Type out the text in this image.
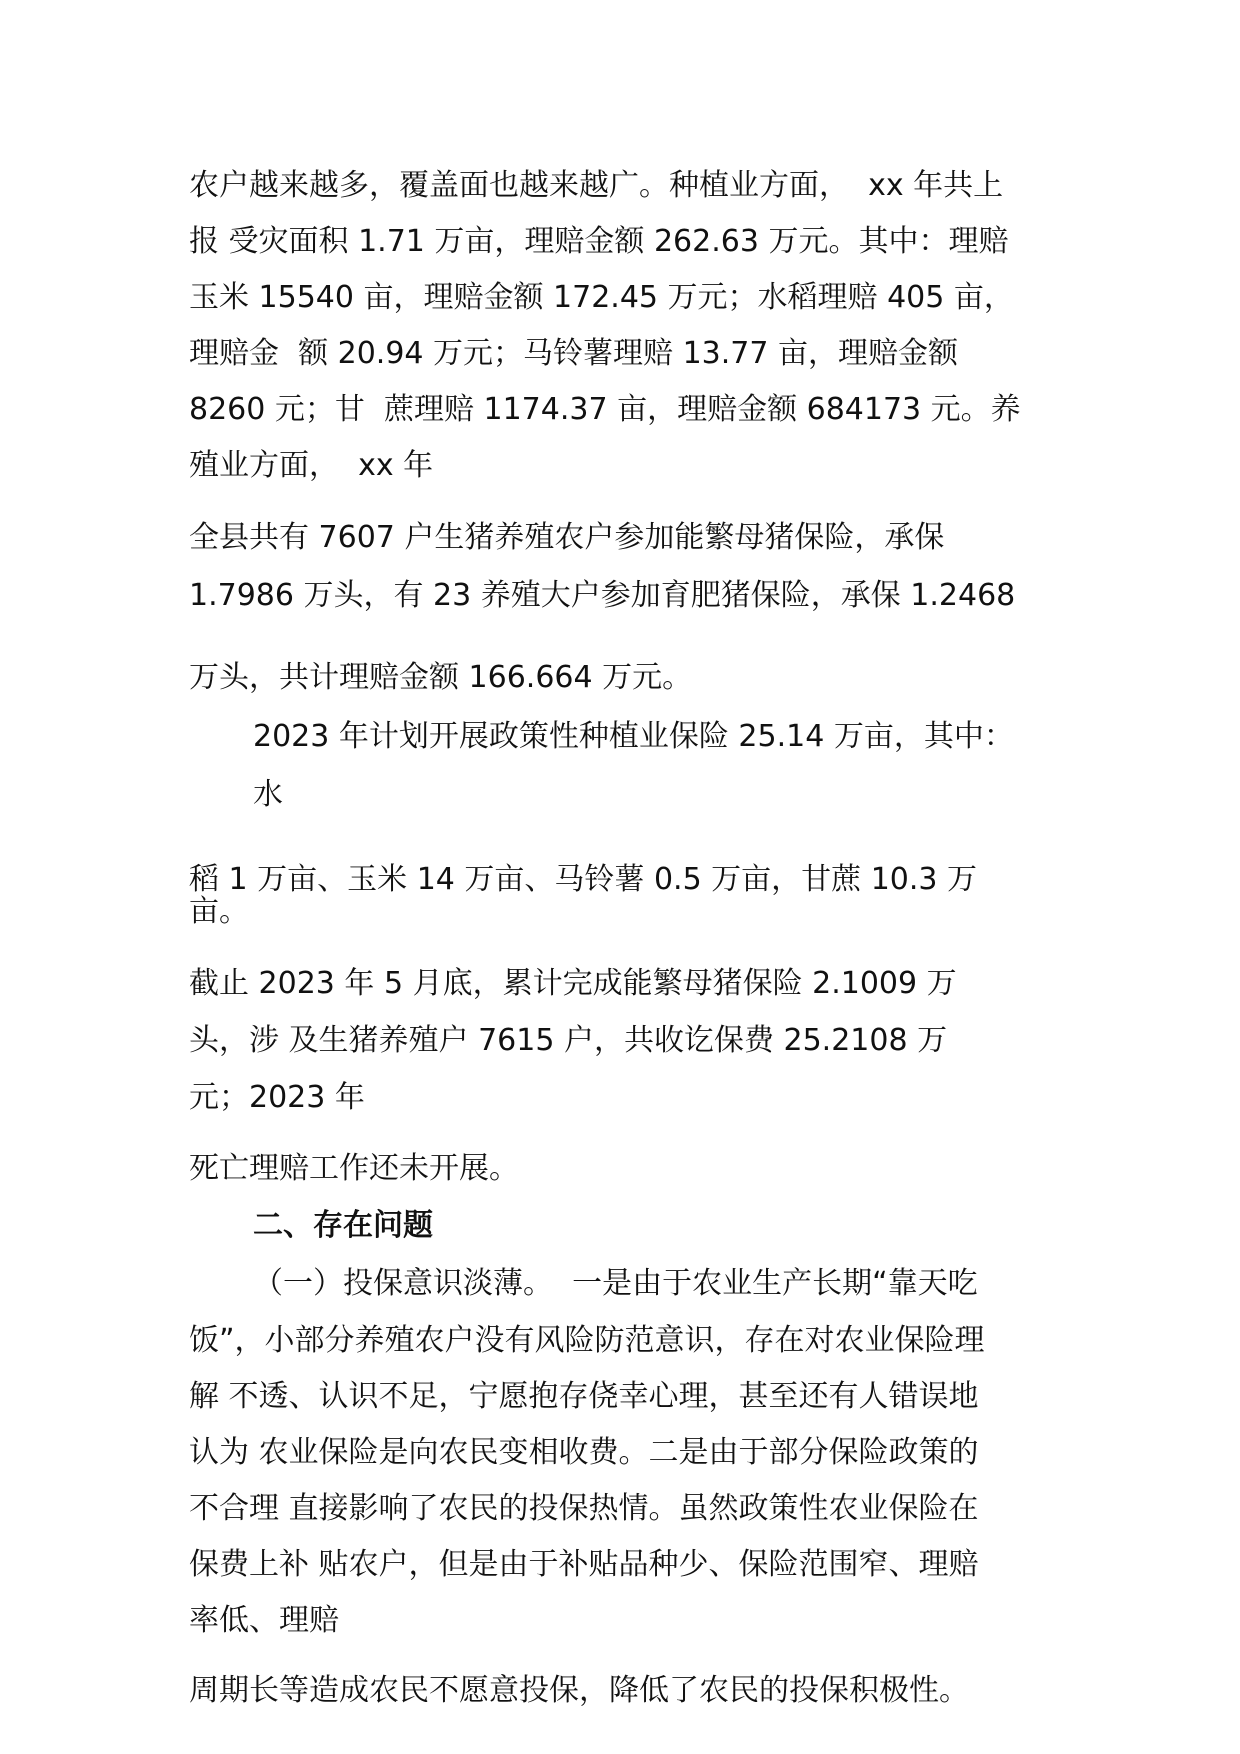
农户越来越多，覆盖面也越来越广。种植业方面，  xx 年共上

报 受灾面积 1.71 万亩，理赔金额 262.63 万元。其中：理赔

玉米 15540 亩，理赔金额 172.45 万元；水稻理赔 405 亩，

理赔金  额 20.94 万元；马铃薯理赔 13.77 亩，理赔金额

8260 元；甘  蔗理赔 1174.37 亩，理赔金额 684173 元。养

殖业方面，  xx 年

全县共有 7607 户生猪养殖农户参加能繁母猪保险，承保

1.7986 万头，有 23 养殖大户参加育肥猪保险，承保 1.2468

万头，共计理赔金额 166.664 万元。

2023 年计划开展政策性种植业保险 25.14 万亩，其中：

水

稻 1 万亩、玉米 14 万亩、马铃薯 0.5 万亩，甘蔗 10.3 万

亩。

截止 2023 年 5 月底，累计完成能繁母猪保险 2.1009 万

头，涉 及生猪养殖户 7615 户，共收讫保费 25.2108 万

元；2023 年

死亡理赔工作还未开展。

二、存在问题

（一）投保意识淡薄。  一是由于农业生产长期“靠天吃

饭”，小部分养殖农户没有风险防范意识，存在对农业保险理

解 不透、认识不足，宁愿抱存侥幸心理，甚至还有人错误地

认为 农业保险是向农民变相收费。二是由于部分保险政策的

不合理 直接影响了农民的投保热情。虽然政策性农业保险在

保费上补 贴农户，但是由于补贴品种少、保险范围窄、理赔

率低、理赔

周期长等造成农民不愿意投保，降低了农民的投保积极性。
